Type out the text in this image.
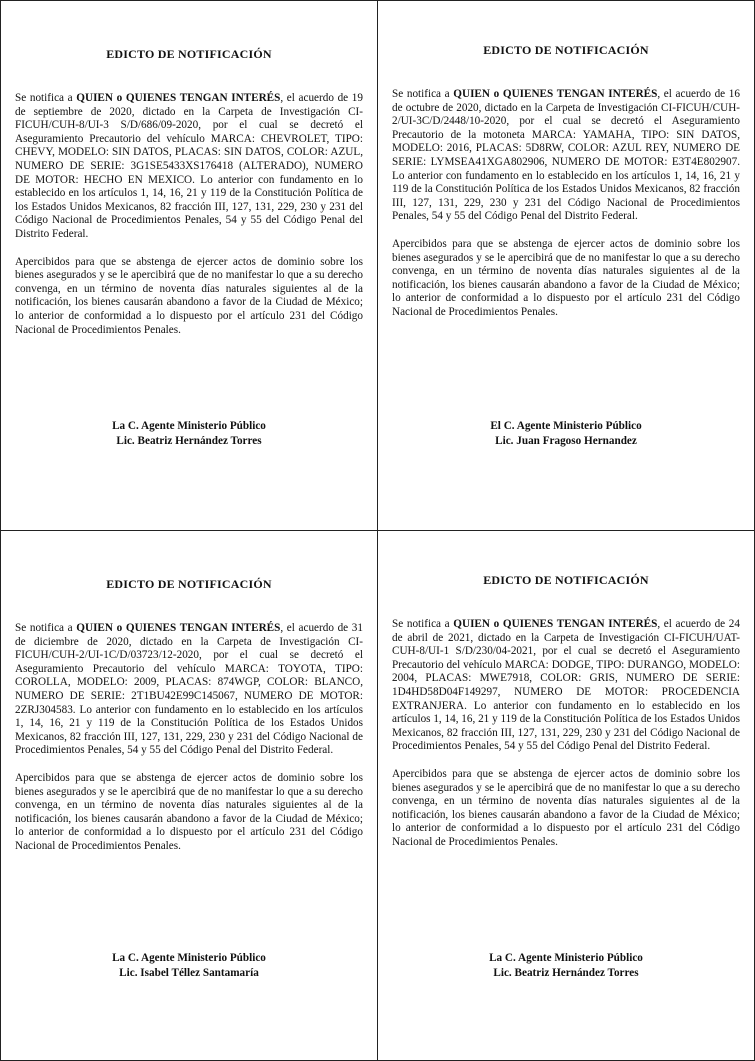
EDICTO DE NOTIFICACIÓN

Se notifica a QUIEN o QUIENES TENGAN INTERÉS, el acuerdo de 19 de septiembre de 2020, dictado en la Carpeta de Investigación CI-FICUH/CUH-8/UI-3 S/D/686/09-2020, por el cual se decretó el Aseguramiento Precautorio del vehículo MARCA: CHEVROLET, TIPO: CHEVY, MODELO: SIN DATOS, PLACAS: SIN DATOS, COLOR: AZUL, NUMERO DE SERIE: 3G1SE5433XS176418 (ALTERADO), NUMERO DE MOTOR: HECHO EN MEXICO. Lo anterior con fundamento en lo establecido en los artículos 1, 14, 16, 21 y 119 de la Constitución Política de los Estados Unidos Mexicanos, 82 fracción III, 127, 131, 229, 230 y 231 del Código Nacional de Procedimientos Penales, 54 y 55 del Código Penal del Distrito Federal.

Apercibidos para que se abstenga de ejercer actos de dominio sobre los bienes asegurados y se le apercibirá que de no manifestar lo que a su derecho convenga, en un término de noventa días naturales siguientes al de la notificación, los bienes causarán abandono a favor de la Ciudad de México; lo anterior de conformidad a lo dispuesto por el artículo 231 del Código Nacional de Procedimientos Penales.

La C. Agente Ministerio Público
Lic. Beatriz Hernández Torres
EDICTO DE NOTIFICACIÓN

Se notifica a QUIEN o QUIENES TENGAN INTERÉS, el acuerdo de 16 de octubre de 2020, dictado en la Carpeta de Investigación CI-FICUH/CUH-2/UI-3C/D/2448/10-2020, por el cual se decretó el Aseguramiento Precautorio de la motoneta MARCA: YAMAHA, TIPO: SIN DATOS, MODELO: 2016, PLACAS: 5D8RW, COLOR: AZUL REY, NUMERO DE SERIE: LYMSEA41XGA802906, NUMERO DE MOTOR: E3T4E802907. Lo anterior con fundamento en lo establecido en los artículos 1, 14, 16, 21 y 119 de la Constitución Política de los Estados Unidos Mexicanos, 82 fracción III, 127, 131, 229, 230 y 231 del Código Nacional de Procedimientos Penales, 54 y 55 del Código Penal del Distrito Federal.

Apercibidos para que se abstenga de ejercer actos de dominio sobre los bienes asegurados y se le apercibirá que de no manifestar lo que a su derecho convenga, en un término de noventa días naturales siguientes al de la notificación, los bienes causarán abandono a favor de la Ciudad de México; lo anterior de conformidad a lo dispuesto por el artículo 231 del Código Nacional de Procedimientos Penales.

El C. Agente Ministerio Público
Lic. Juan Fragoso Hernandez
EDICTO DE NOTIFICACIÓN

Se notifica a QUIEN o QUIENES TENGAN INTERÉS, el acuerdo de 31 de diciembre de 2020, dictado en la Carpeta de Investigación CI-FICUH/CUH-2/UI-1C/D/03723/12-2020, por el cual se decretó el Aseguramiento Precautorio del vehículo MARCA: TOYOTA, TIPO: COROLLA, MODELO: 2009, PLACAS: 874WGP, COLOR: BLANCO, NUMERO DE SERIE: 2T1BU42E99C145067, NUMERO DE MOTOR: 2ZRJ304583. Lo anterior con fundamento en lo establecido en los artículos 1, 14, 16, 21 y 119 de la Constitución Política de los Estados Unidos Mexicanos, 82 fracción III, 127, 131, 229, 230 y 231 del Código Nacional de Procedimientos Penales, 54 y 55 del Código Penal del Distrito Federal.

Apercibidos para que se abstenga de ejercer actos de dominio sobre los bienes asegurados y se le apercibirá que de no manifestar lo que a su derecho convenga, en un término de noventa días naturales siguientes al de la notificación, los bienes causarán abandono a favor de la Ciudad de México; lo anterior de conformidad a lo dispuesto por el artículo 231 del Código Nacional de Procedimientos Penales.

La C. Agente Ministerio Público
Lic. Isabel Téllez Santamaría
EDICTO DE NOTIFICACIÓN

Se notifica a QUIEN o QUIENES TENGAN INTERÉS, el acuerdo de 24 de abril de 2021, dictado en la Carpeta de Investigación CI-FICUH/UAT-CUH-8/UI-1 S/D/230/04-2021, por el cual se decretó el Aseguramiento Precautorio del vehículo MARCA: DODGE, TIPO: DURANGO, MODELO: 2004, PLACAS: MWE7918, COLOR: GRIS, NUMERO DE SERIE: 1D4HD58D04F149297, NUMERO DE MOTOR: PROCEDENCIA EXTRANJERA. Lo anterior con fundamento en lo establecido en los artículos 1, 14, 16, 21 y 119 de la Constitución Política de los Estados Unidos Mexicanos, 82 fracción III, 127, 131, 229, 230 y 231 del Código Nacional de Procedimientos Penales, 54 y 55 del Código Penal del Distrito Federal.

Apercibidos para que se abstenga de ejercer actos de dominio sobre los bienes asegurados y se le apercibirá que de no manifestar lo que a su derecho convenga, en un término de noventa días naturales siguientes al de la notificación, los bienes causarán abandono a favor de la Ciudad de México; lo anterior de conformidad a lo dispuesto por el artículo 231 del Código Nacional de Procedimientos Penales.

La C. Agente Ministerio Público
Lic. Beatriz Hernández Torres
